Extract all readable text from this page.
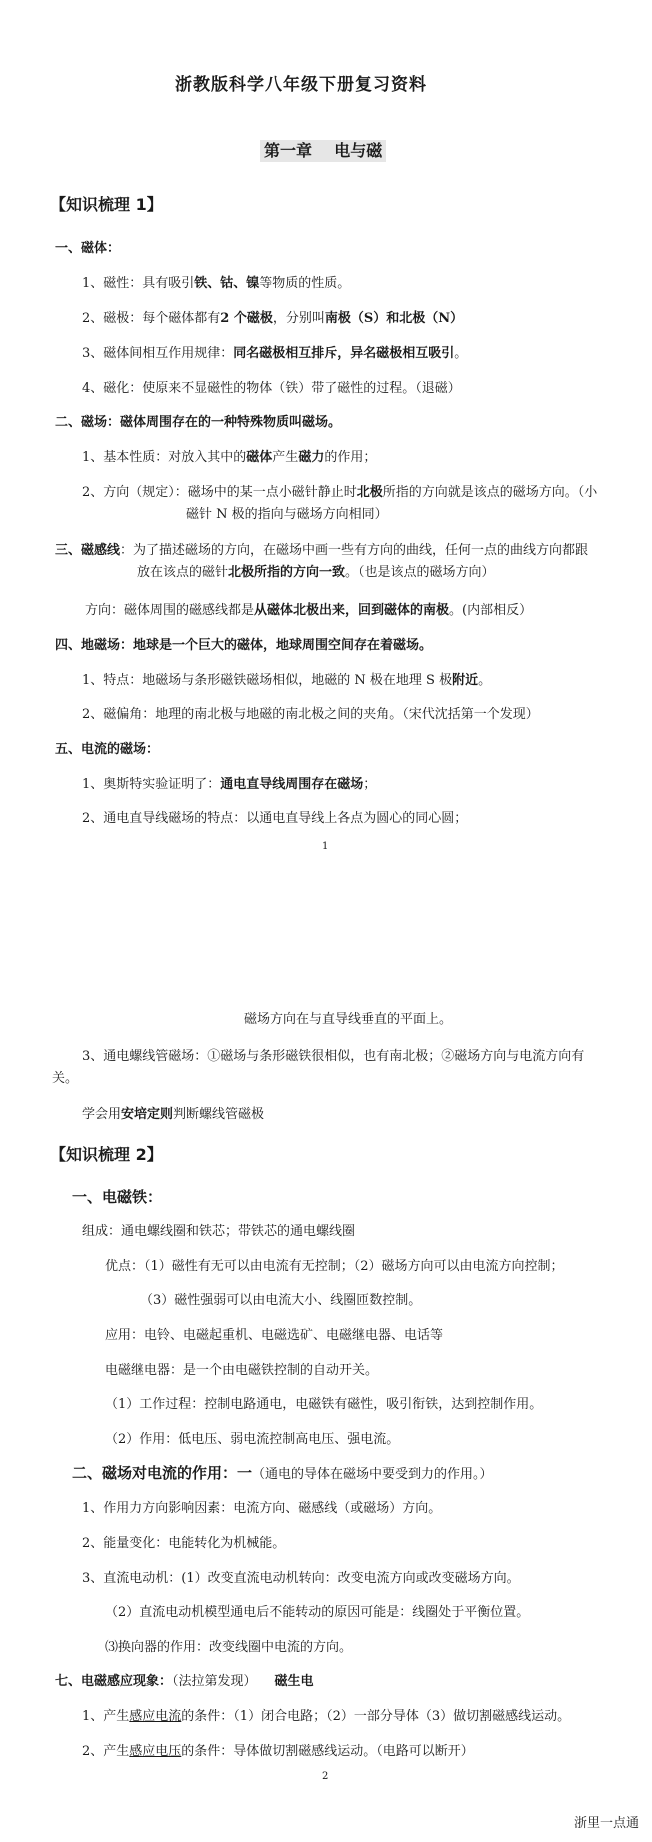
浙教版科学八年级下册复习资料
第一章    电与磁
【知识梳理 1】
一、磁体：
1、磁性：具有吸引铁、钴、镍等物质的性质。
2、磁极：每个磁体都有2 个磁极，分别叫南极（S）和北极（N）
3、磁体间相互作用规律：同名磁极相互排斥，异名磁极相互吸引。
4、磁化：使原来不显磁性的物体（铁）带了磁性的过程。（退磁）
二、磁场：磁体周围存在的一种特殊物质叫磁场。
1、基本性质：对放入其中的磁体产生磁力的作用；
2、方向（规定）：磁场中的某一点小磁针静止时北极所指的方向就是该点的磁场方向。（小
磁针 N 极的指向与磁场方向相同）
三、磁感线：为了描述磁场的方向，在磁场中画一些有方向的曲线，任何一点的曲线方向都跟
放在该点的磁针北极所指的方向一致。（也是该点的磁场方向）
方向：磁体周围的磁感线都是从磁体北极出来，回到磁体的南极。(内部相反）
四、地磁场：地球是一个巨大的磁体，地球周围空间存在着磁场。
1、特点：地磁场与条形磁铁磁场相似，地磁的 N 极在地理 S 极附近。
2、磁偏角：地理的南北极与地磁的南北极之间的夹角。（宋代沈括第一个发现）
五、电流的磁场：
1、奥斯特实验证明了：通电直导线周围存在磁场；
2、通电直导线磁场的特点：以通电直导线上各点为圆心的同心圆；
1
磁场方向在与直导线垂直的平面上。
3、通电螺线管磁场：①磁场与条形磁铁很相似，也有南北极；②磁场方向与电流方向有
关。
学会用安培定则判断螺线管磁极
【知识梳理 2】
一、电磁铁：
组成：通电螺线圈和铁芯；带铁芯的通电螺线圈
优点：（1）磁性有无可以由电流有无控制；（2）磁场方向可以由电流方向控制；
（3）磁性强弱可以由电流大小、线圈匝数控制。
应用：电铃、电磁起重机、电磁选矿、电磁继电器、电话等
电磁继电器：是一个由电磁铁控制的自动开关。
（1）工作过程：控制电路通电，电磁铁有磁性，吸引衔铁，达到控制作用。
（2）作用：低电压、弱电流控制高电压、强电流。
二、磁场对电流的作用：一（通电的导体在磁场中要受到力的作用。）
1、作用力方向影响因素：电流方向、磁感线（或磁场）方向。
2、能量变化：电能转化为机械能。
3、直流电动机：(1）改变直流电动机转向：改变电流方向或改变磁场方向。
（2）直流电动机模型通电后不能转动的原因可能是：线圈处于平衡位置。
⑶换向器的作用：改变线圈中电流的方向。
七、电磁感应现象：（法拉第发现） 磁生电
1、产生感应电流的条件：（1）闭合电路；（2）一部分导体（3）做切割磁感线运动。
2、产生感应电压的条件：导体做切割磁感线运动。（电路可以断开）
2
浙里一点通
